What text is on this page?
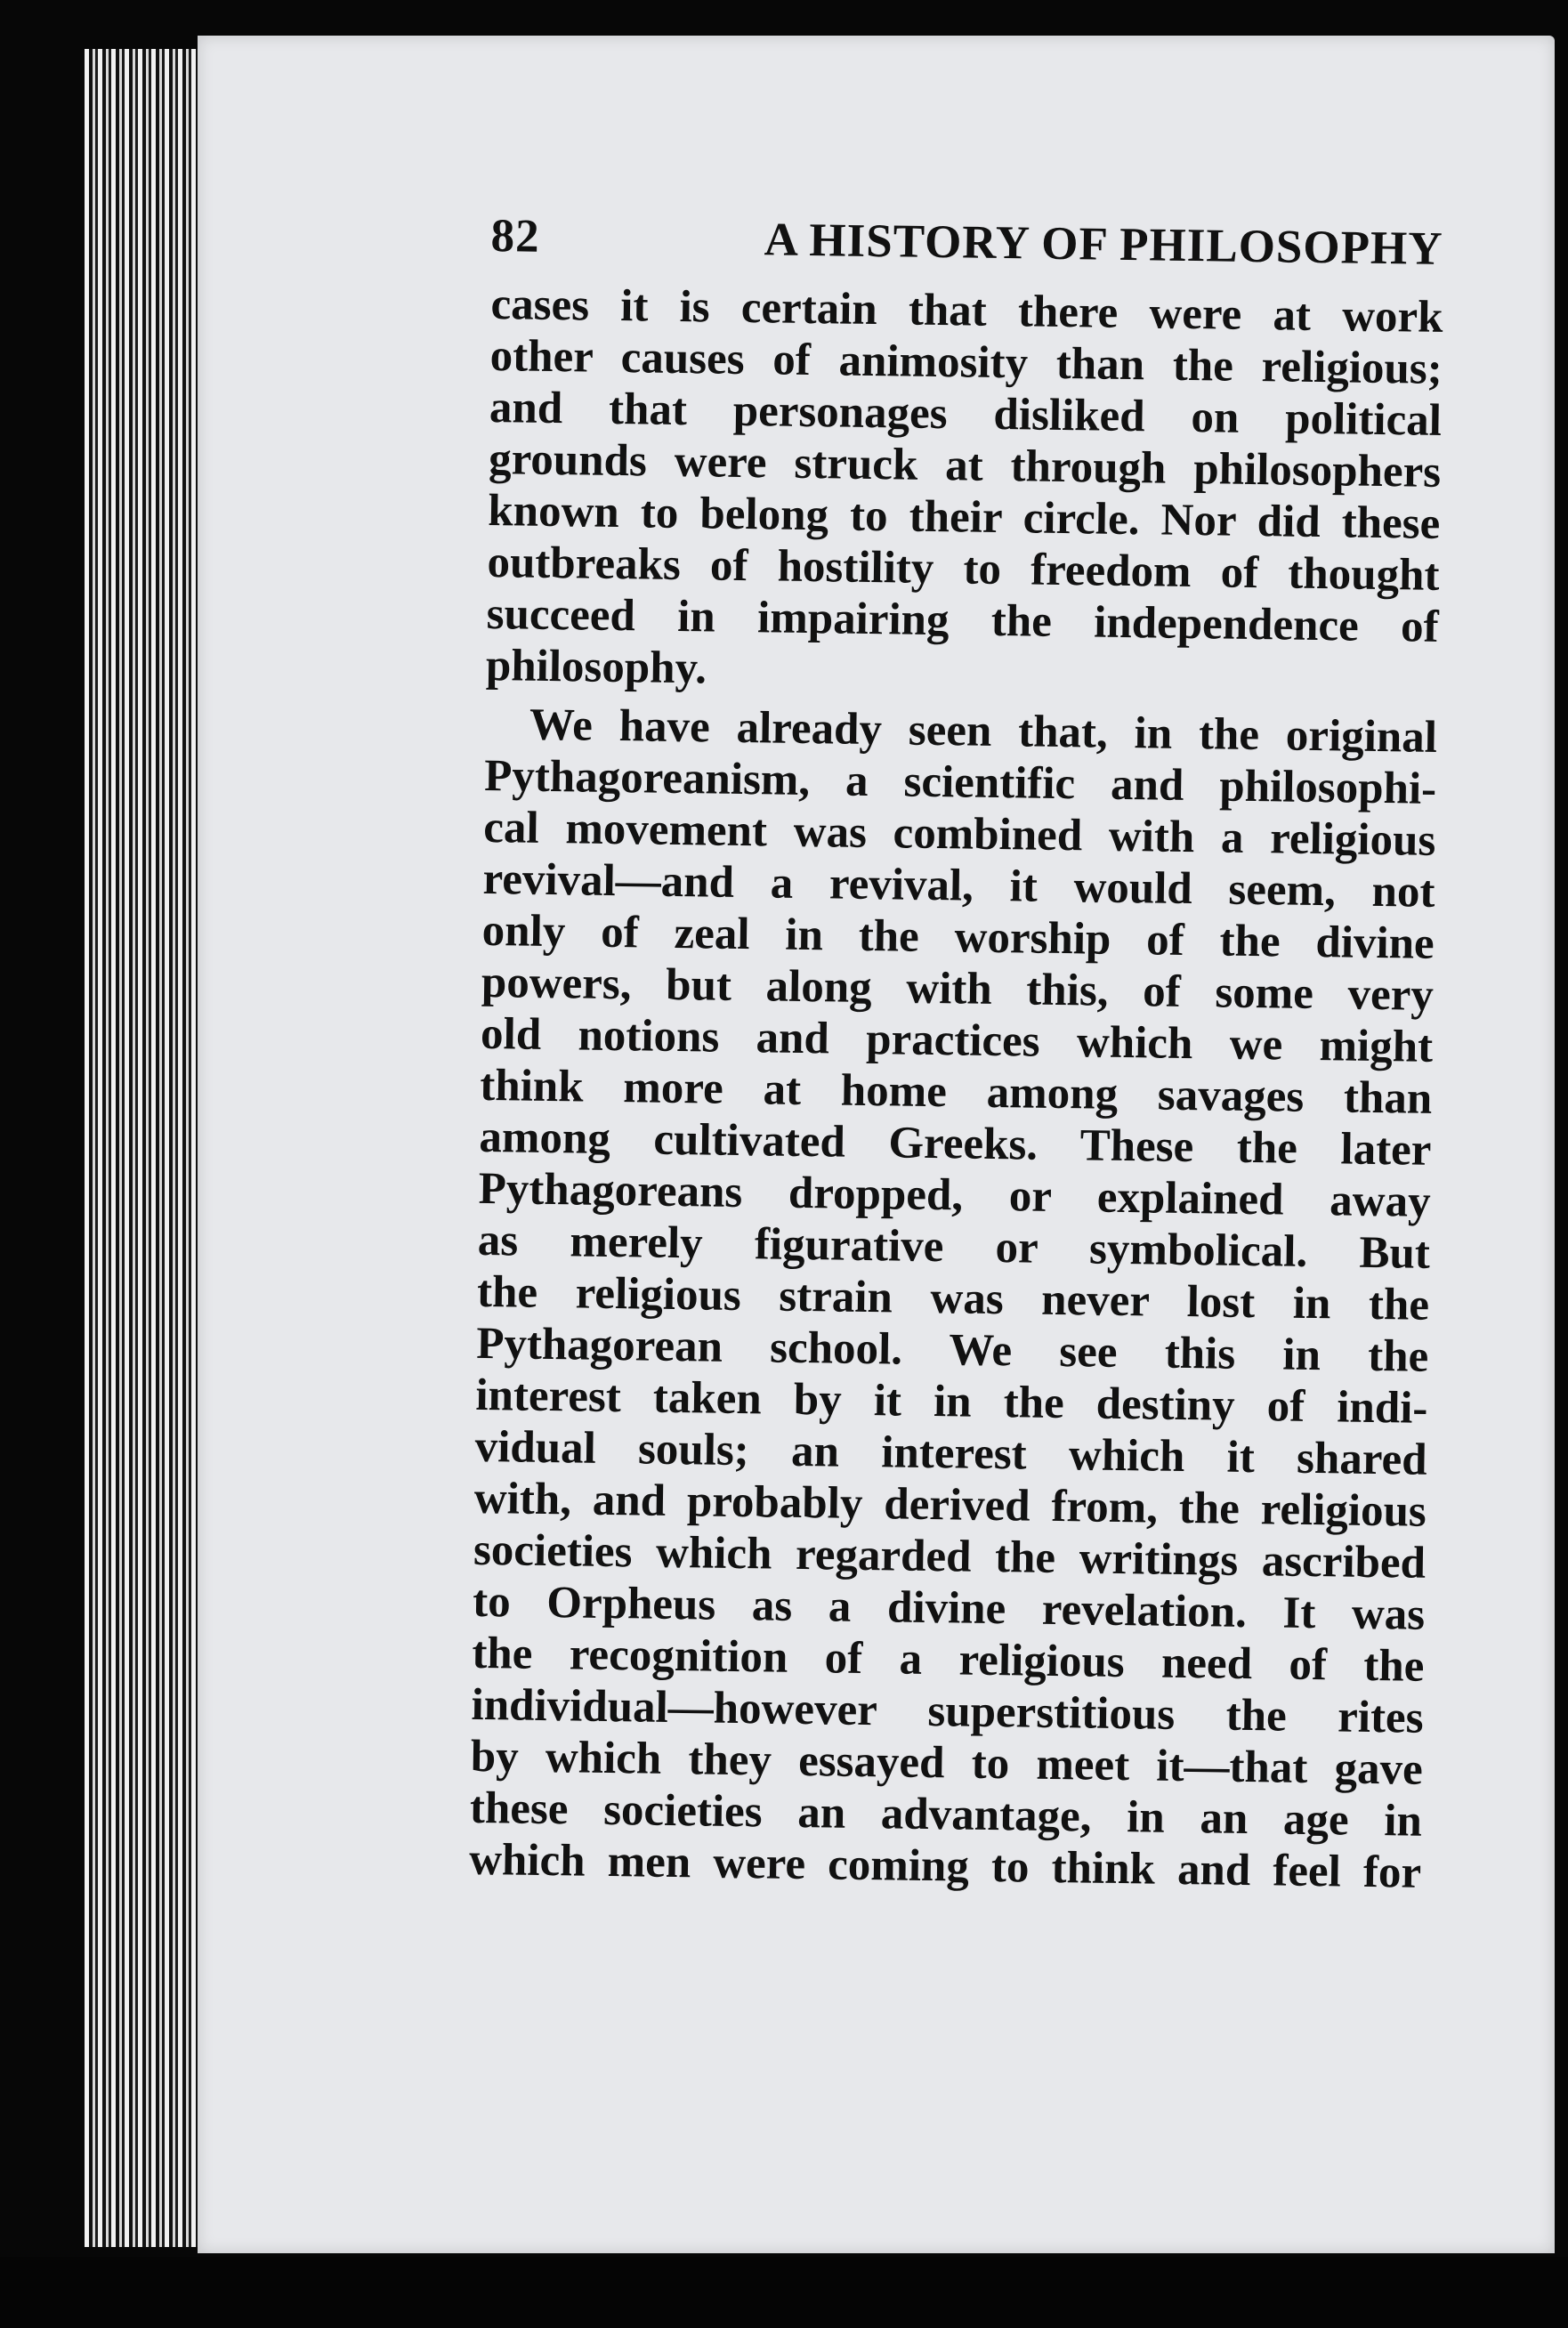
82	A HISTORY OF PHILOSOPHY
cases it is certain that there were at work
other causes of animosity than the religious;
and that personages disliked on political
grounds were struck at through philosophers
known to belong to their circle. Nor did these
outbreaks of hostility to freedom of thought
succeed in impairing the independence of
philosophy.
We have already seen that, in the original
Pythagoreanism, a scientific and philosophi-
cal movement was combined with a religious
revival—and a revival, it would seem, not
only of zeal in the worship of the divine
powers, but along with this, of some very
old notions and practices which we might
think more at home among savages than
among cultivated Greeks. These the later
Pythagoreans dropped, or explained away
as merely figurative or symbolical. But
the religious strain was never lost in the
Pythagorean school. We see this in the
interest taken by it in the destiny of indi-
vidual souls; an interest which it shared
with, and probably derived from, the religious
societies which regarded the writings ascribed
to Orpheus as a divine revelation. It was
the recognition of a religious need of the
individual—however superstitious the rites
by which they essayed to meet it—that gave
these societies an advantage, in an age in
which men were coming to think and feel for
